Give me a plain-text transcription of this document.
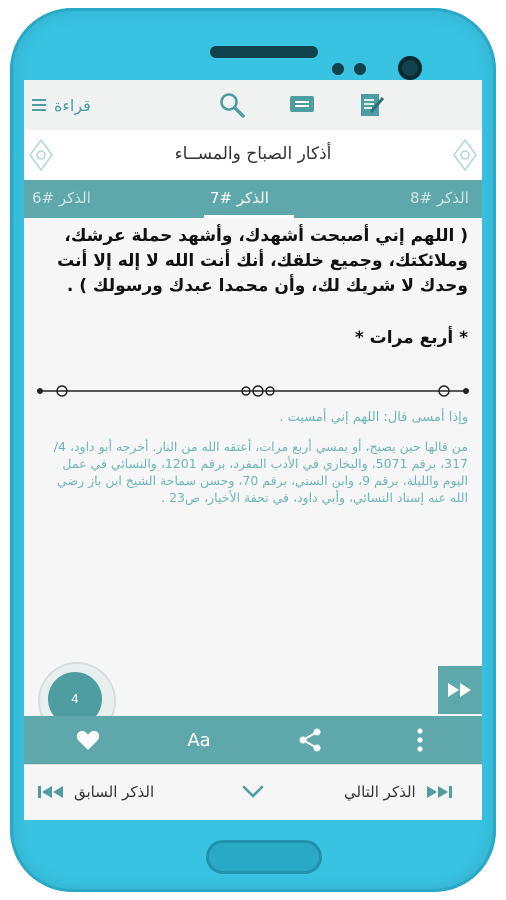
قراءة
أذكار الصباح والمســاء
الذكر #6	الذكر #7	الذكر #8
( اللهم إني أصبحت أشهدك، وأشهد حملة عرشك، وملائكتك، وجميع خلقك، أنك أنت الله لا إله إلا أنت وحدك لا شريك لك، وأن محمدا عبدك ورسولك ) .
* أربع مرات *
وإذا أمسى قال: اللهم إني أمسيت .
من قالها حين يصبح، أو يمسي أربع مرات، أعتقه الله من النار. أخرجه أبو داود، 4/ 317، برقم 5071، والبخاري في الأدب المفرد، برقم 1201، والنسائي في عمل اليوم والليلة، برقم 9، وابن السني، برقم 70، وحسن سماحة الشيخ ابن باز رضي الله عنه إسناد النسائي، وأبي داود، في تحفة الأخيار، ص23 .
4
Aa
الذكر السابق	الذكر التالي
